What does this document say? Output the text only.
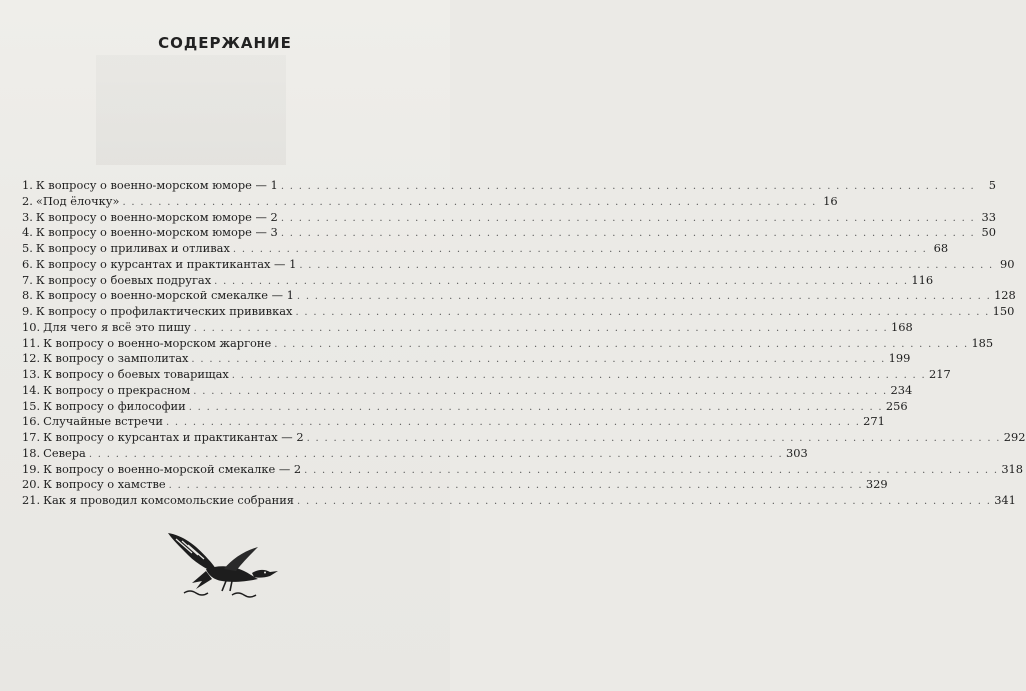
СОДЕРЖАНИЕ
1. К вопросу о военно-морском юморе — 1 . . .	5
2. «Под ёлочку» . . .	16
3. К вопросу о военно-морском юморе — 2 . . .	33
4. К вопросу о военно-морском юморе — 3 . . .	50
5. К вопросу о приливах и отливах . . .	68
6. К вопросу о курсантах и практикантах — 1 . . .	90
7. К вопросу о боевых подругах . . .	116
8. К вопросу о военно-морской смекалке — 1 . . .	128
9. К вопросу о профилактических прививках . . .	150
10. Для чего я всё это пишу . . .	168
11. К вопросу о военно-морском жаргоне . . .	185
12. К вопросу о замполитах . . .	199
13. К вопросу о боевых товарищах . . .	217
14. К вопросу о прекрасном . . .	234
15. К вопросу о философии . . .	256
16. Случайные встречи . . .	271
17. К вопросу о курсантах и практикантах — 2 . . .	292
18. Севера . . .	303
19. К вопросу о военно-морской смекалке — 2 . . .	318
20. К вопросу о хамстве . . .	329
21. Как я проводил комсомольские собрания . . .	341
